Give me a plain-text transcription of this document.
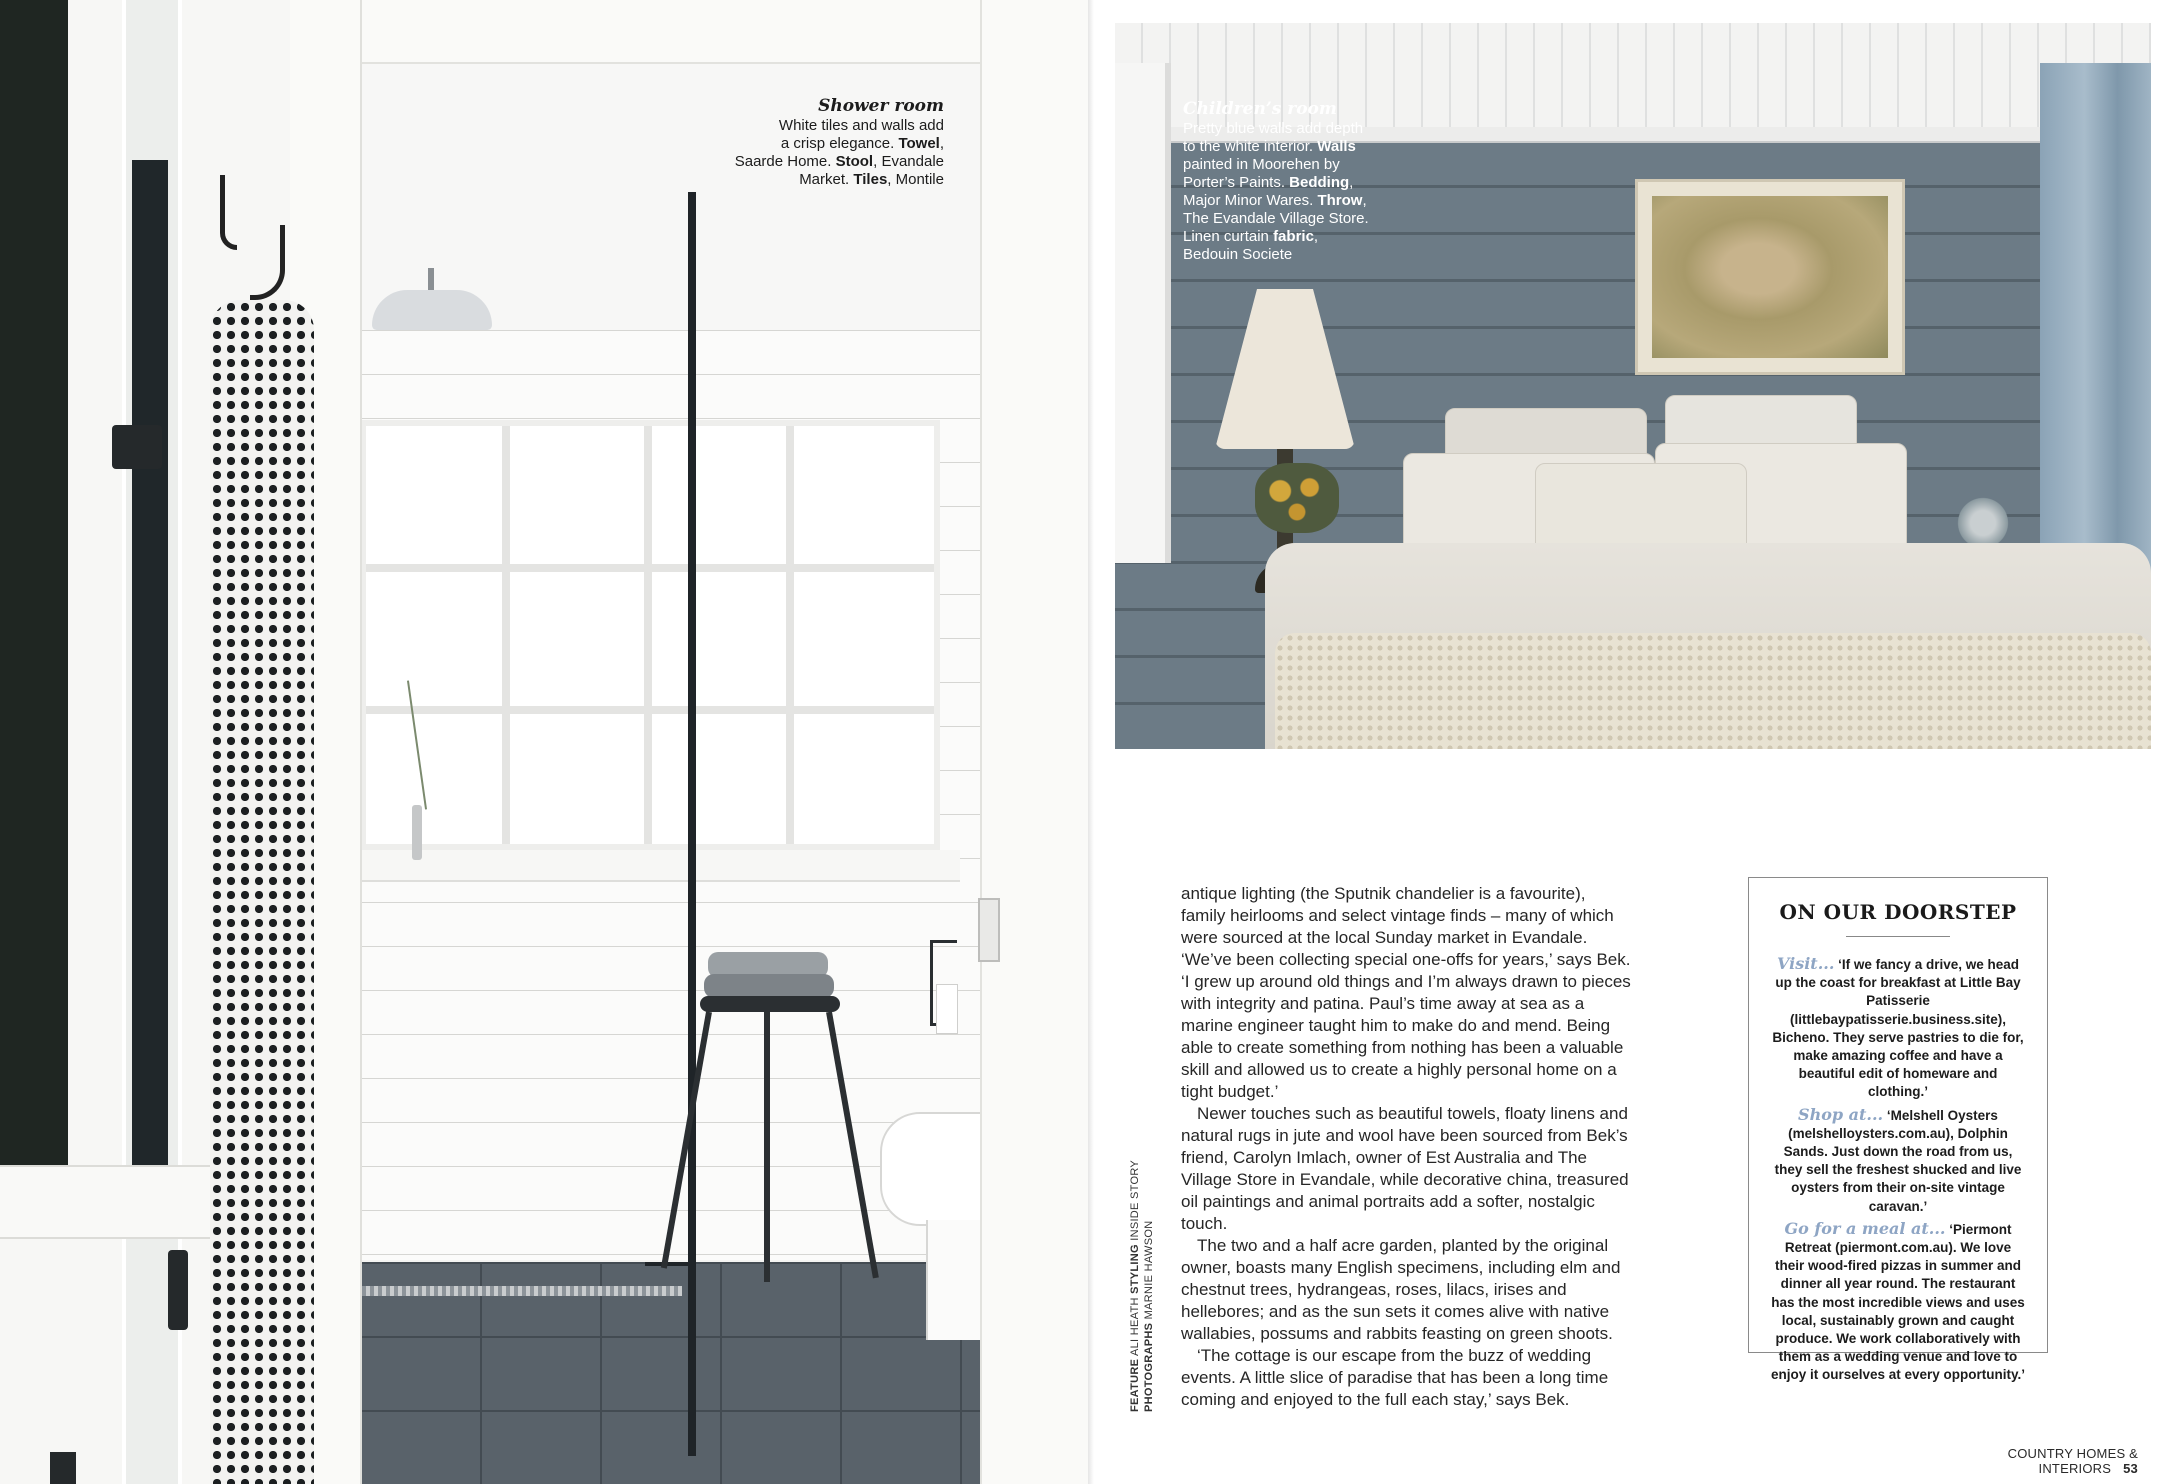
Shower room
White tiles and walls add
a crisp elegance. Towel,
Saarde Home. Stool, Evandale
Market. Tiles, Montile
Children’s room
Pretty blue walls add depth
to the white interior. Walls
painted in Moorehen by
Porter’s Paints. Bedding,
Major Minor Wares. Throw,
The Evandale Village Store.
Linen curtain fabric,
Bedouin Societe
FEATURE ALI HEATH STYLING INSIDE STORY
PHOTOGRAPHS MARNIE HAWSON

antique lighting (the Sputnik chandelier is a favourite), family heirlooms and select vintage finds – many of which were sourced at the local Sunday market in Evandale. ‘We’ve been collecting special one-offs for years,’ says Bek. ‘I grew up around old things and I’m always drawn to pieces with integrity and patina. Paul’s time away at sea as a marine engineer taught him to make do and mend. Being able to create something from nothing has been a valuable skill and allowed us to create a highly personal home on a tight budget.’

Newer touches such as beautiful towels, floaty linens and natural rugs in jute and wool have been sourced from Bek’s friend, Carolyn Imlach, owner of Est Australia and The Village Store in Evandale, while decorative china, treasured oil paintings and animal portraits add a softer, nostalgic touch.

The two and a half acre garden, planted by the original owner, boasts many English specimens, including elm and chestnut trees, hydrangeas, roses, lilacs, irises and hellebores; and as the sun sets it comes alive with native wallabies, possums and rabbits feasting on green shoots.

‘The cottage is our escape from the buzz of wedding events. A little slice of paradise that has been a long time coming and enjoyed to the full each stay,’ says Bek.

ON OUR DOORSTEP

Visit... ‘If we fancy a drive, we head up the coast for breakfast at Little Bay Patisserie (littlebaypatisserie.business.site), Bicheno. They serve pastries to die for, make amazing coffee and have a beautiful edit of homeware and clothing.’

Shop at... ‘Melshell Oysters (melshelloysters.com.au), Dolphin Sands. Just down the road from us, they sell the freshest shucked and live oysters from their on-site vintage caravan.’

Go for a meal at... ‘Piermont Retreat (piermont.com.au). We love their wood-fired pizzas in summer and dinner all year round. The restaurant has the most incredible views and uses local, sustainably grown and caught produce. We work collaboratively with them as a wedding venue and love to enjoy it ourselves at every opportunity.’

COUNTRY HOMES & INTERIORS 53
